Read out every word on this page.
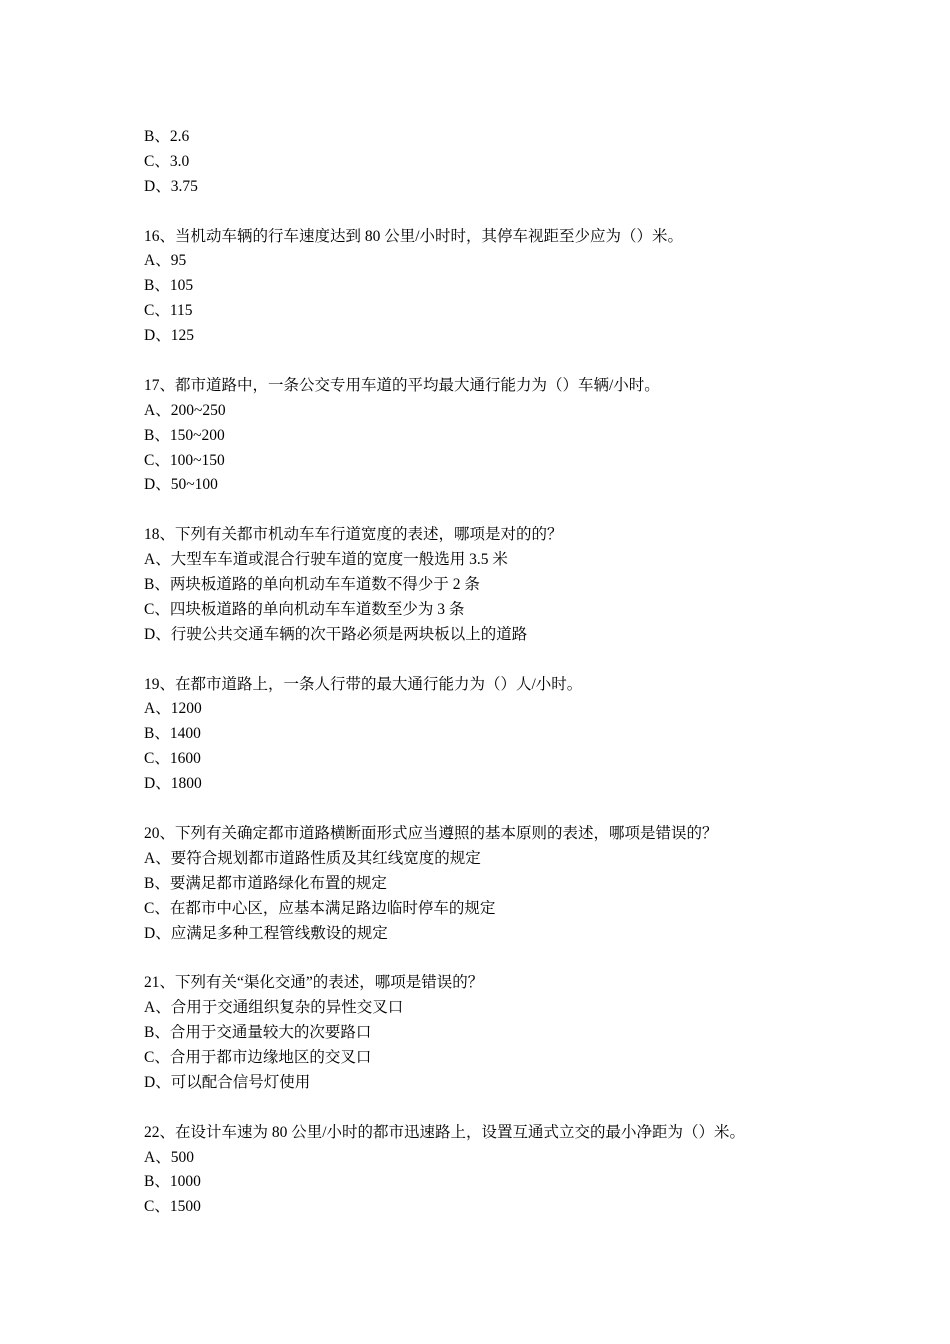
B、2.6
C、3.0
D、3.75
16、当机动车辆的行车速度达到 80 公里/小时时，其停车视距至少应为（）米。
A、95
B、105
C、115
D、125
17、都市道路中，一条公交专用车道的平均最大通行能力为（）车辆/小时。
A、200~250
B、150~200
C、100~150
D、50~100
18、下列有关都市机动车车行道宽度的表述，哪项是对的的？
A、大型车车道或混合行驶车道的宽度一般选用 3.5 米
B、两块板道路的单向机动车车道数不得少于 2 条
C、四块板道路的单向机动车车道数至少为 3 条
D、行驶公共交通车辆的次干路必须是两块板以上的道路
19、在都市道路上，一条人行带的最大通行能力为（）人/小时。
A、1200
B、1400
C、1600
D、1800
20、下列有关确定都市道路横断面形式应当遵照的基本原则的表述，哪项是错误的？
A、要符合规划都市道路性质及其红线宽度的规定
B、要满足都市道路绿化布置的规定
C、在都市中心区，应基本满足路边临时停车的规定
D、应满足多种工程管线敷设的规定
21、下列有关“渠化交通”的表述，哪项是错误的？
A、合用于交通组织复杂的异性交叉口
B、合用于交通量较大的次要路口
C、合用于都市边缘地区的交叉口
D、可以配合信号灯使用
22、在设计车速为 80 公里/小时的都市迅速路上，设置互通式立交的最小净距为（）米。
A、500
B、1000
C、1500
